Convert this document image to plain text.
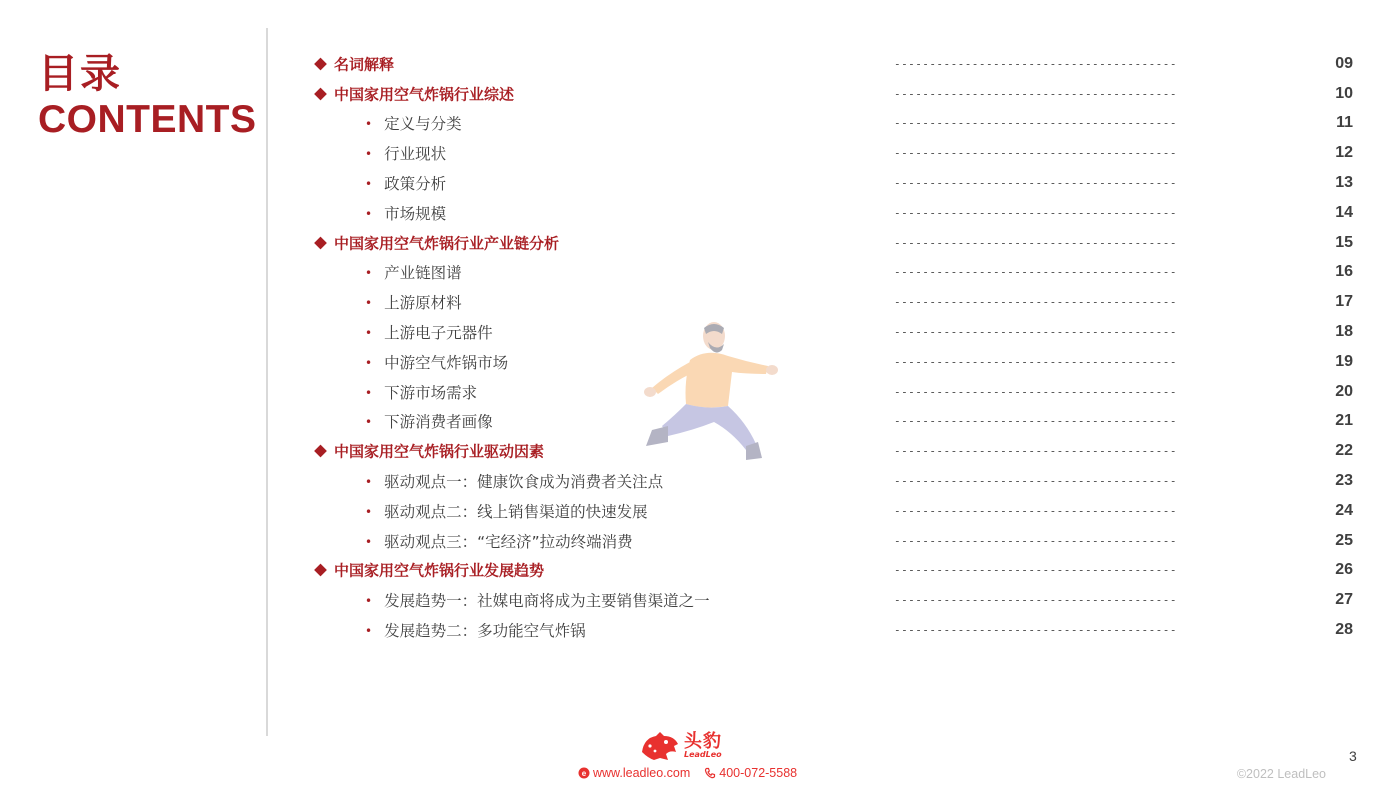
目录
CONTENTS
名词解释	----------------------------------------	09
中国家用空气炸锅行业综述	----------------------------------------	10
• 定义与分类	----------------------------------------	11
• 行业现状	----------------------------------------	12
• 政策分析	----------------------------------------	13
• 市场规模	----------------------------------------	14
中国家用空气炸锅行业产业链分析	----------------------------------------	15
• 产业链图谱	----------------------------------------	16
• 上游原材料	----------------------------------------	17
• 上游电子元器件	----------------------------------------	18
• 中游空气炸锅市场	----------------------------------------	19
• 下游市场需求	----------------------------------------	20
• 下游消费者画像	----------------------------------------	21
中国家用空气炸锅行业驱动因素	----------------------------------------	22
• 驱动观点一：健康饮食成为消费者关注点	----------------------------------------	23
• 驱动观点二：线上销售渠道的快速发展	----------------------------------------	24
• 驱动观点三：“宅经济”拉动终端消费	----------------------------------------	25
中国家用空气炸锅行业发展趋势	----------------------------------------	26
• 发展趋势一：社媒电商将成为主要销售渠道之一	----------------------------------------	27
• 发展趋势二：多功能空气炸锅	----------------------------------------	28
头豹
LeadLeo
e www.leadleo.com 400-072-5588	©2022 LeadLeo
3
